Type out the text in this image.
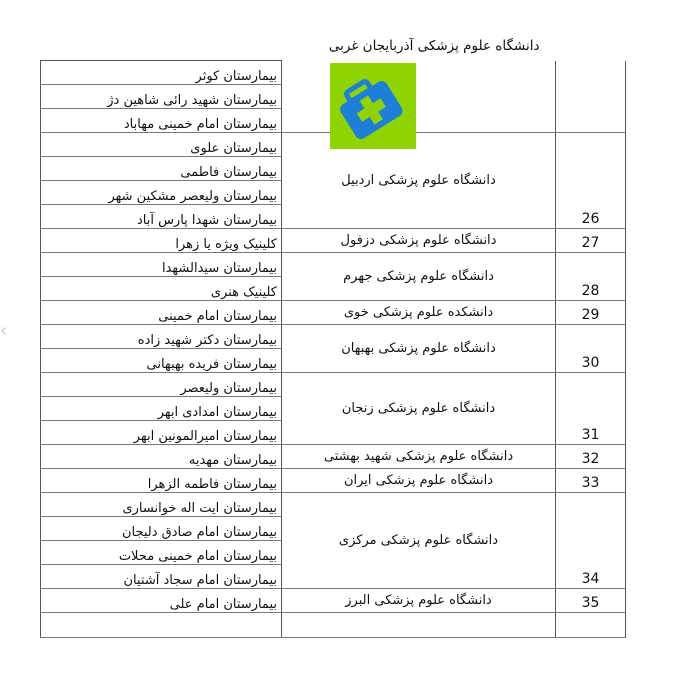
‹
	دانشگاه علوم پزشکی آذربایجان غربی	
بیمارستان کوثر	

بیمارستان شهید رائی شاهین دژ		
بیمارستان امام خمینی مهاباد		
بیمارستان علوی	دانشگاه علوم پزشکی اردبیل	26
بیمارستان فاطمی		
بیمارستان ولیعصر مشکین شهر		
بیمارستان شهدا پارس آباد		
کلینیک ویژه یا زهرا	دانشگاه علوم پزشکی دزفول	27
بیمارستان سیدالشهدا	دانشگاه علوم پزشکی جهرم	28
کلینیک هنری		
بیمارستان امام خمینی	دانشکده علوم پزشکی خوی	29
بیمارستان دکتر شهید زاده	دانشگاه علوم پزشکی بهبهان	30
بیمارستان فریده بهبهانی		
بیمارستان ولیعصر	دانشگاه علوم پزشکی زنجان	31
بیمارستان امدادی ابهر		
بیمارستان امیرالمونین ابهر		
بیمارستان مهدیه	دانشگاه علوم پزشکی شهید بهشتی	32
بیمارستان فاطمه الزهرا	دانشگاه علوم پزشکی ایران	33
بیمارستان ایت اله خوانساری	دانشگاه علوم پزشکی مرکزی	34
بیمارستان امام صادق دلیجان		
بیمارستان امام خمینی محلات		
بیمارستان امام سجاد آشتیان		
بیمارستان امام علی	دانشگاه علوم پزشکی البرز	35
